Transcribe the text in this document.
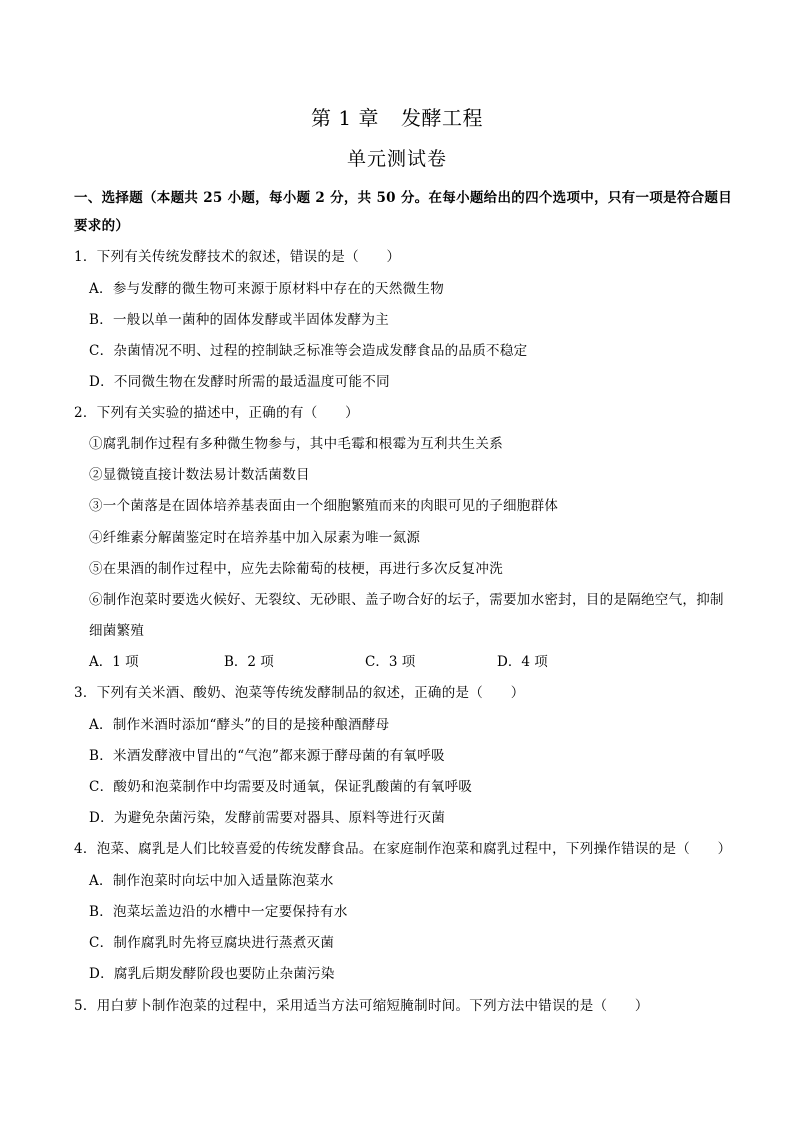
第 1 章 发酵工程
单元测试卷
一、选择题（本题共 25 小题，每小题 2 分，共 50 分。在每小题给出的四个选项中，只有一项是符合题目要求的）
1．下列有关传统发酵技术的叙述，错误的是（　　）
A．参与发酵的微生物可来源于原材料中存在的天然微生物
B．一般以单一菌种的固体发酵或半固体发酵为主
C．杂菌情况不明、过程的控制缺乏标准等会造成发酵食品的品质不稳定
D．不同微生物在发酵时所需的最适温度可能不同
2．下列有关实验的描述中，正确的有（　　）
①腐乳制作过程有多种微生物参与，其中毛霉和根霉为互利共生关系
②显微镜直接计数法易计数活菌数目
③一个菌落是在固体培养基表面由一个细胞繁殖而来的肉眼可见的子细胞群体
④纤维素分解菌鉴定时在培养基中加入尿素为唯一氮源
⑤在果酒的制作过程中，应先去除葡萄的枝梗，再进行多次反复冲洗
⑥制作泡菜时要选火候好、无裂纹、无砂眼、盖子吻合好的坛子，需要加水密封，目的是隔绝空气，抑制细菌繁殖
A．1 项	B．2 项	C．3 项	D．4 项
3．下列有关米酒、酸奶、泡菜等传统发酵制品的叙述，正确的是（　　）
A．制作米酒时添加“酵头”的目的是接种酿酒酵母
B．米酒发酵液中冒出的“气泡”都来源于酵母菌的有氧呼吸
C．酸奶和泡菜制作中均需要及时通氧，保证乳酸菌的有氧呼吸
D．为避免杂菌污染，发酵前需要对器具、原料等进行灭菌
4．泡菜、腐乳是人们比较喜爱的传统发酵食品。在家庭制作泡菜和腐乳过程中，下列操作错误的是（　　）
A．制作泡菜时向坛中加入适量陈泡菜水
B．泡菜坛盖边沿的水槽中一定要保持有水
C．制作腐乳时先将豆腐块进行蒸煮灭菌
D．腐乳后期发酵阶段也要防止杂菌污染
5．用白萝卜制作泡菜的过程中，采用适当方法可缩短腌制时间。下列方法中错误的是（　　）
